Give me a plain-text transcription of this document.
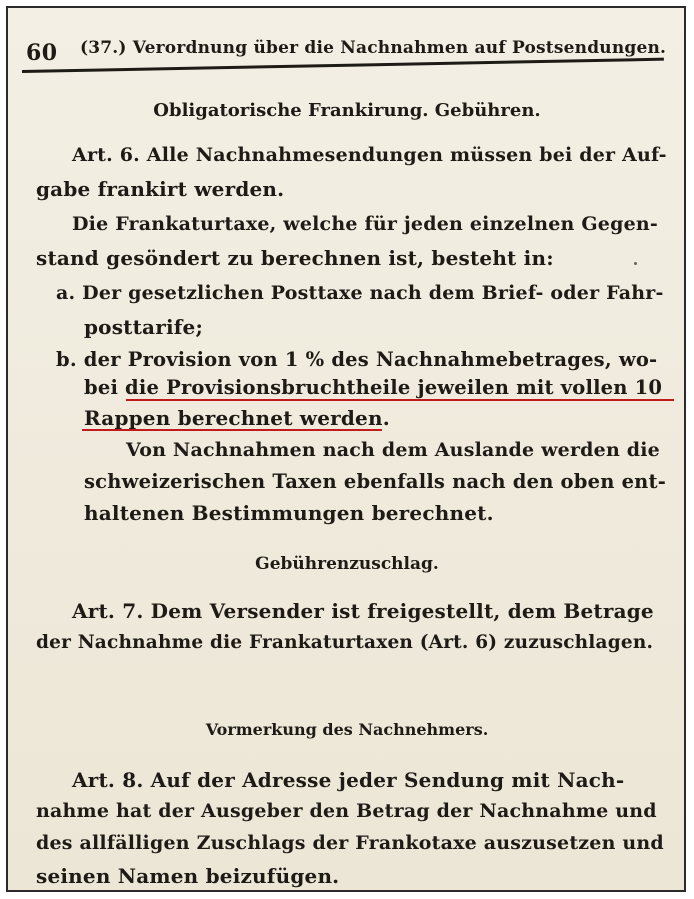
60 (37.) Verordnung über die Nachnahmen auf Postsendungen.
Obligatorische Frankirung. Gebühren.
Art. 6. Alle Nachnahmesendungen müssen bei der Auf-
gabe frankirt werden.
Die Frankaturtaxe, welche für jeden einzelnen Gegen-
stand gesöndert zu berechnen ist, besteht in:
a. Der gesetzlichen Posttaxe nach dem Brief- oder Fahr-
posttarife;
b. der Provision von 1 % des Nachnahmebetrages, wo-
bei die Provisionsbruchtheile jeweilen mit vollen 10
Rappen berechnet werden.
Von Nachnahmen nach dem Auslande werden die
schweizerischen Taxen ebenfalls nach den oben ent-
haltenen Bestimmungen berechnet.
Gebührenzuschlag.
Art. 7. Dem Versender ist freigestellt, dem Betrage
der Nachnahme die Frankaturtaxen (Art. 6) zuzuschlagen.
Vormerkung des Nachnehmers.
Art. 8. Auf der Adresse jeder Sendung mit Nach-
nahme hat der Ausgeber den Betrag der Nachnahme und
des allfälligen Zuschlags der Frankotaxe auszusetzen und
seinen Namen beizufügen.
